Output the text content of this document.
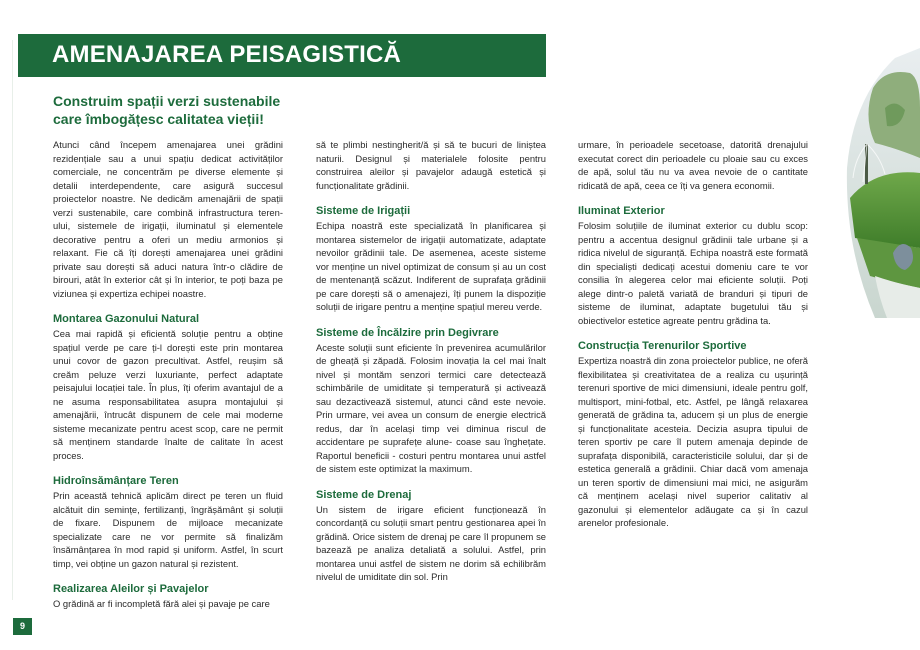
AMENAJAREA PEISAGISTICĂ
Construim spații verzi sustenabile care îmbogățesc calitatea vieții!

Atunci când începem amenajarea unei grădini rezidențiale sau a unui spațiu dedicat activităților comerciale, ne concentrăm pe diverse elemente și detalii interdependente, care asigură succesul proiectelor noastre. Ne dedicăm amenajării de spații verzi sustenabile, care combină infrastructura teren- ului, sistemele de irigații, iluminatul și elementele decorative pentru a oferi un mediu armonios și relaxant. Fie că îți dorești amenajarea unei grădini private sau dorești să aduci natura într-o clădire de birouri, atât în exterior cât și în interior, te poți baza pe viziunea și expertiza echipei noastre.

Montarea Gazonului Natural

Cea mai rapidă și eficientă soluție pentru a obține spațiul verde pe care ți-l dorești este prin montarea unui covor de gazon precultivat. Astfel, reușim să creăm peluze verzi luxuriante, perfect adaptate peisajului locației tale. În plus, îți oferim avantajul de a ne asuma responsabilitatea asupra montajului și amenajării, întrucât dispunem de cele mai moderne sisteme mecanizate pentru acest scop, care ne permit să menținem standarde înalte de calitate în acest proces.

Hidroînsămânțare Teren

Prin această tehnică aplicăm direct pe teren un fluid alcătuit din semințe, fertilizanți, îngrășământ și soluții de fixare. Dispunem de mijloace mecanizate specializate care ne vor permite să finalizăm însămânțarea în mod rapid și uniform. Astfel, în scurt timp, vei obține un gazon natural și rezistent.

Realizarea Aleilor și Pavajelor

O grădină ar fi incompletă fără alei și pavaje pe care

să te plimbi nestingherit/ă și să te bucuri de liniștea naturii. Designul și materialele folosite pentru construirea aleilor și pavajelor adaugă estetică și funcționalitate grădinii.

Sisteme de Irigații

Echipa noastră este specializată în planificarea și montarea sistemelor de irigații automatizate, adaptate nevoilor grădinii tale. De asemenea, aceste sisteme vor menține un nivel optimizat de consum și au un cost de mentenanță scăzut. Indiferent de suprafața grădinii pe care dorești să o amenajezi, îți punem la dispoziție soluții de irigare pentru a menține spațiul mereu verde.

Sisteme de Încălzire prin Degivrare

Aceste soluții sunt eficiente în prevenirea acumulărilor de gheață și zăpadă. Folosim inovația la cel mai înalt nivel și montăm senzori termici care detectează schimbările de umiditate și temperatură și activează sau dezactivează sistemul, atunci când este nevoie. Prin urmare, vei avea un consum de energie electrică redus, dar în același timp vei diminua riscul de accidentare pe suprafețe alune- coase sau înghețate. Raportul beneficii - costuri pentru montarea unui astfel de sistem este optimizat la maximum.

Sisteme de Drenaj

Un sistem de irigare eficient funcționează în concordanță cu soluții smart pentru gestionarea apei în grădină. Orice sistem de drenaj pe care îl propunem se bazează pe analiza detaliată a solului. Astfel, prin montarea unui astfel de sistem ne dorim să echilibrăm nivelul de umiditate din sol. Prin

urmare, în perioadele secetoase, datorită drenajului executat corect din perioadele cu ploaie sau cu exces de apă, solul tău nu va avea nevoie de o cantitate ridicată de apă, ceea ce îți va genera economii.

Iluminat Exterior

Folosim soluțiile de iluminat exterior cu dublu scop: pentru a accentua designul grădinii tale urbane și a ridica nivelul de siguranță. Echipa noastră este formată din specialiști dedicați acestui domeniu care te vor consilia în alegerea celor mai eficiente soluții. Poți alege dintr-o paletă variată de branduri și tipuri de sisteme de iluminat, adaptate bugetului tău și obiectivelor estetice agreate pentru grădina ta.

Construcția Terenurilor Sportive

Expertiza noastră din zona proiectelor publice, ne oferă flexibilitatea și creativitatea de a realiza cu ușurință terenuri sportive de mici dimensiuni, ideale pentru golf, multisport, mini-fotbal, etc. Astfel, pe lângă relaxarea generată de grădina ta, aducem și un plus de energie și funcționalitate acesteia. Decizia asupra tipului de teren sportiv pe care îl putem amenaja depinde de suprafața disponibilă, caracteristicile solului, dar și de estetica generală a grădinii. Chiar dacă vom amenaja un teren sportiv de dimensiuni mai mici, ne asigurăm că menținem același nivel superior calitativ al gazonului și elementelor adăugate ca și în cazul arenelor profesionale.

9
